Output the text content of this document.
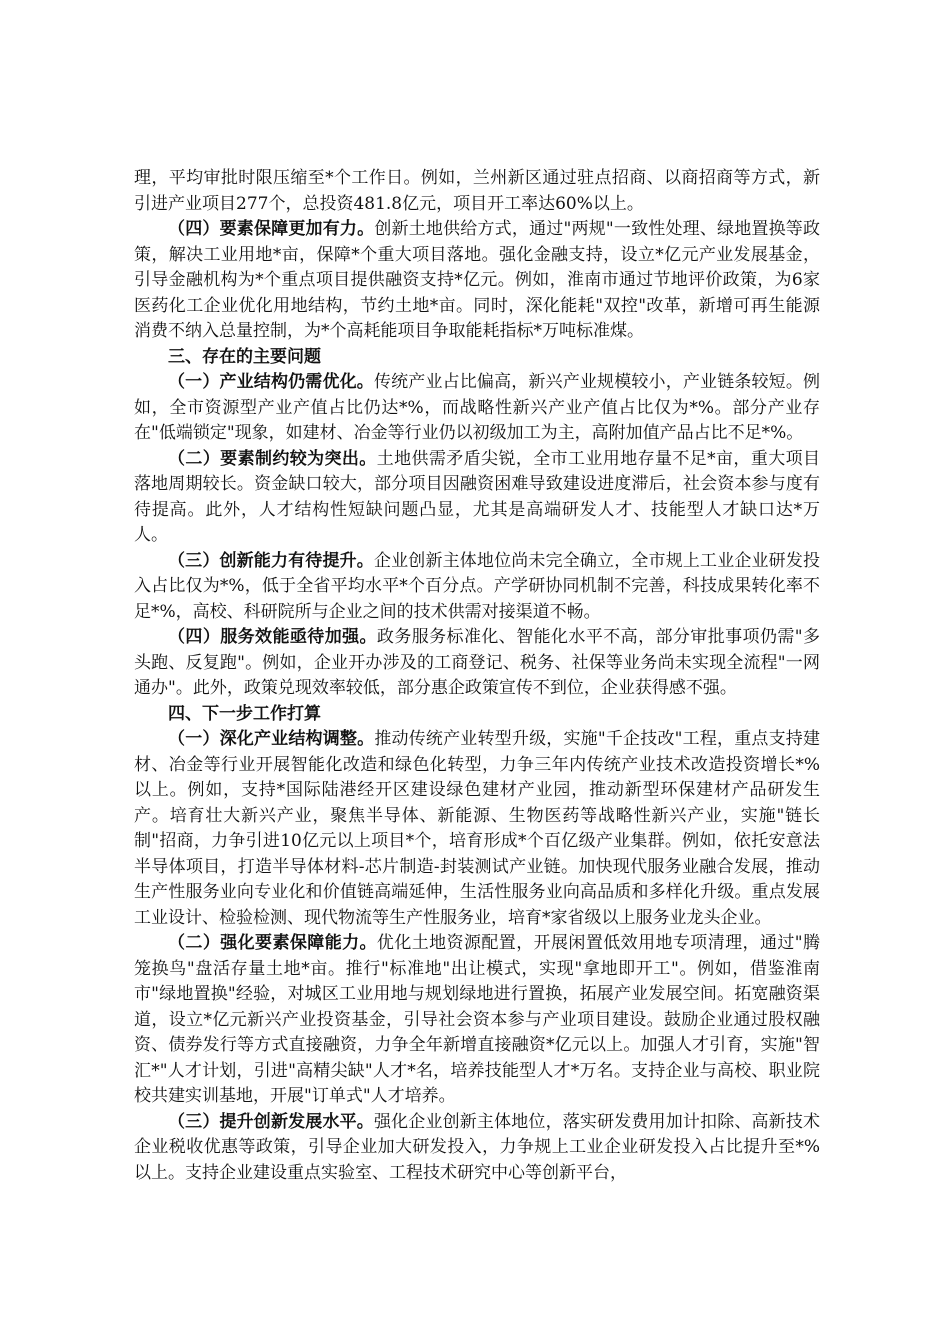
理，平均审批时限压缩至*个工作日。例如，兰州新区通过驻点招商、以商招商等方式，新引进产业项目277个，总投资481.8亿元，项目开工率达60%以上。

（四）要素保障更加有力。创新土地供给方式，通过"两规"一致性处理、绿地置换等政策，解决工业用地*亩，保障*个重大项目落地。强化金融支持，设立*亿元产业发展基金，引导金融机构为*个重点项目提供融资支持*亿元。例如，淮南市通过节地评价政策，为6家医药化工企业优化用地结构，节约土地*亩。同时，深化能耗"双控"改革，新增可再生能源消费不纳入总量控制，为*个高耗能项目争取能耗指标*万吨标准煤。

三、存在的主要问题

（一）产业结构仍需优化。传统产业占比偏高，新兴产业规模较小，产业链条较短。例如，全市资源型产业产值占比仍达*%，而战略性新兴产业产值占比仅为*%。部分产业存在"低端锁定"现象，如建材、冶金等行业仍以初级加工为主，高附加值产品占比不足*%。

（二）要素制约较为突出。土地供需矛盾尖锐，全市工业用地存量不足*亩，重大项目落地周期较长。资金缺口较大，部分项目因融资困难导致建设进度滞后，社会资本参与度有待提高。此外，人才结构性短缺问题凸显，尤其是高端研发人才、技能型人才缺口达*万人。

（三）创新能力有待提升。企业创新主体地位尚未完全确立，全市规上工业企业研发投入占比仅为*%，低于全省平均水平*个百分点。产学研协同机制不完善，科技成果转化率不足*%，高校、科研院所与企业之间的技术供需对接渠道不畅。

（四）服务效能亟待加强。政务服务标准化、智能化水平不高，部分审批事项仍需"多头跑、反复跑"。例如，企业开办涉及的工商登记、税务、社保等业务尚未实现全流程"一网通办"。此外，政策兑现效率较低，部分惠企政策宣传不到位，企业获得感不强。

四、下一步工作打算

（一）深化产业结构调整。推动传统产业转型升级，实施"千企技改"工程，重点支持建材、冶金等行业开展智能化改造和绿色化转型，力争三年内传统产业技术改造投资增长*%以上。例如，支持*国际陆港经开区建设绿色建材产业园，推动新型环保建材产品研发生产。培育壮大新兴产业，聚焦半导体、新能源、生物医药等战略性新兴产业，实施"链长制"招商，力争引进10亿元以上项目*个，培育形成*个百亿级产业集群。例如，依托安意法半导体项目，打造半导体材料-芯片制造-封装测试产业链。加快现代服务业融合发展，推动生产性服务业向专业化和价值链高端延伸，生活性服务业向高品质和多样化升级。重点发展工业设计、检验检测、现代物流等生产性服务业，培育*家省级以上服务业龙头企业。

（二）强化要素保障能力。优化土地资源配置，开展闲置低效用地专项清理，通过"腾笼换鸟"盘活存量土地*亩。推行"标准地"出让模式，实现"拿地即开工"。例如，借鉴淮南市"绿地置换"经验，对城区工业用地与规划绿地进行置换，拓展产业发展空间。拓宽融资渠道，设立*亿元新兴产业投资基金，引导社会资本参与产业项目建设。鼓励企业通过股权融资、债券发行等方式直接融资，力争全年新增直接融资*亿元以上。加强人才引育，实施"智汇*"人才计划，引进"高精尖缺"人才*名，培养技能型人才*万名。支持企业与高校、职业院校共建实训基地，开展"订单式"人才培养。

（三）提升创新发展水平。强化企业创新主体地位，落实研发费用加计扣除、高新技术企业税收优惠等政策，引导企业加大研发投入，力争规上工业企业研发投入占比提升至*%以上。支持企业建设重点实验室、工程技术研究中心等创新平台，
